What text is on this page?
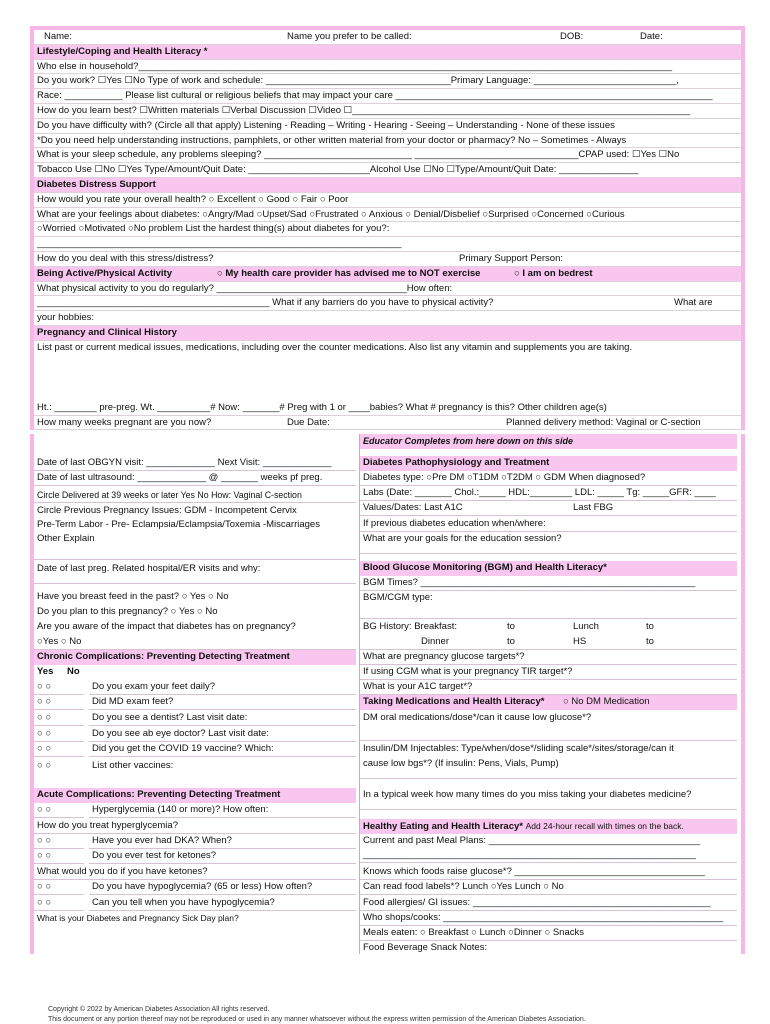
Name:	Name you prefer to be called:	DOB:	Date:
Lifestyle/Coping and Health Literacy *
Who else in household?_____________________________________________________________________________________________________
Do you work? ☐Yes ☐No Type of work and schedule: ___________________________________Primary Language: ___________________________,
Race: ___________ Please list cultural or religious beliefs that may impact your care ____________________________________________________________
How do you learn best? ☐Written materials ☐Verbal Discussion ☐Video ☐________________________________________________________________
Do you have difficulty with? (Circle all that apply) Listening - Reading – Writing - Hearing - Seeing – Understanding - None of these issues
*Do you need help understanding instructions, pamphlets, or other written material from your doctor or pharmacy? No – Sometimes - Always
What is your sleep schedule, any problems sleeping? ____________________________ _______________________________CPAP used: ☐Yes ☐No
Tobacco Use ☐No ☐Yes Type/Amount/Quit Date: _______________________Alcohol Use ☐No ☐Type/Amount/Quit Date: _______________
Diabetes Distress Support
How would you rate your overall health? ○ Excellent ○ Good ○ Fair ○ Poor
What are your feelings about diabetes: ○Angry/Mad ○Upset/Sad ○Frustrated ○ Anxious ○ Denial/Disbelief ○Surprised ○Concerned ○Curious
○Worried ○Motivated ○No problem List the hardest thing(s) about diabetes for you?:
_____________________________________________________________________
How do you deal with this stress/distress?	Primary Support Person:
Being Active/Physical Activity	○ My health care provider has advised me to NOT exercise	○ I am on bedrest
What physical activity to you do regularly? ____________________________________How often:
____________________________________________ What if any barriers do you have to physical activity?	What are
your hobbies:
Pregnancy and Clinical History
List past or current medical issues, medications, including over the counter medications. Also list any vitamin and supplements you are taking.
Ht.: ________ pre-preg. Wt. __________# Now: _______# Preg with 1 or ____babies? What # pregnancy is this? Other children age(s)
How many weeks pregnant are you now?	Due Date:	Planned delivery method: Vaginal or C-section
Date of last OBGYN visit: _____________ Next Visit: _____________
Date of last ultrasound: _____________ @ _______ weeks pf preg.
Circle Delivered at 39 weeks or later Yes No How: Vaginal C-section
Circle Previous Pregnancy Issues: GDM - Incompetent Cervix
Pre-Term Labor - Pre- Eclampsia/Eclampsia/Toxemia -Miscarriages
Other Explain
Date of last preg. Related hospital/ER visits and why:
Have you breast feed in the past? ○ Yes ○ No
Do you plan to this pregnancy? ○ Yes ○ No
Are you aware of the impact that diabetes has on pregnancy?
○Yes ○ No
Chronic Complications: Preventing Detecting Treatment
Yes	No
○ ○	Do you exam your feet daily?
○ ○	Did MD exam feet?
○ ○	Do you see a dentist? Last visit date:
○ ○	Do you see ab eye doctor? Last visit date:
○ ○	Did you get the COVID 19 vaccine? Which:
○ ○	List other vaccines:
Acute Complications: Preventing Detecting Treatment
○ ○	Hyperglycemia (140 or more)? How often:
How do you treat hyperglycemia?
○ ○	Have you ever had DKA? When?
○ ○	Do you ever test for ketones?
What would you do if you have ketones?
○ ○	Do you have hypoglycemia? (65 or less) How often?
○ ○	Can you tell when you have hypoglycemia?
What is your Diabetes and Pregnancy Sick Day plan?
Educator Completes from here down on this side
Diabetes Pathophysiology and Treatment
Diabetes type: ○Pre DM ○T1DM ○T2DM ○ GDM When diagnosed?
Labs (Date: _______ Chol.:_____ HDL:________ LDL: _____ Tg: _____GFR: ____
Values/Dates: Last A1C	Last FBG
If previous diabetes education when/where:
What are your goals for the education session?
Blood Glucose Monitoring (BGM) and Health Literacy*
BGM Times? ____________________________________________________
BGM/CGM type:
BG History: Breakfast:	to	Lunch	to
Dinner	to	HS	to
What are pregnancy glucose targets*?
If using CGM what is your pregnancy TIR target*?
What is your A1C target*?
Taking Medications and Health Literacy* ○ No DM Medication
DM oral medications/dose*/can it cause low glucose*?
Insulin/DM Injectables: Type/when/dose*/sliding scale*/sites/storage/can it
cause low bgs*? (If insulin: Pens, Vials, Pump)
In a typical week how many times do you miss taking your diabetes medicine?
Healthy Eating and Health Literacy* Add 24-hour recall with times on the back.
Current and past Meal Plans: ________________________________________
_______________________________________________________________
Knows which foods raise glucose*? ____________________________________
Can read food labels*? Lunch ○Yes Lunch ○ No
Food allergies/ GI issues: _____________________________________________
Who shops/cooks: _____________________________________________________
Meals eaten: ○ Breakfast ○ Lunch ○Dinner ○ Snacks
Food Beverage Snack Notes:
Copyright © 2022 by American Diabetes Association All rights reserved.
This document or any portion thereof may not be reproduced or used in any manner whatsoever without the express written permission of the American Diabetes Association.
